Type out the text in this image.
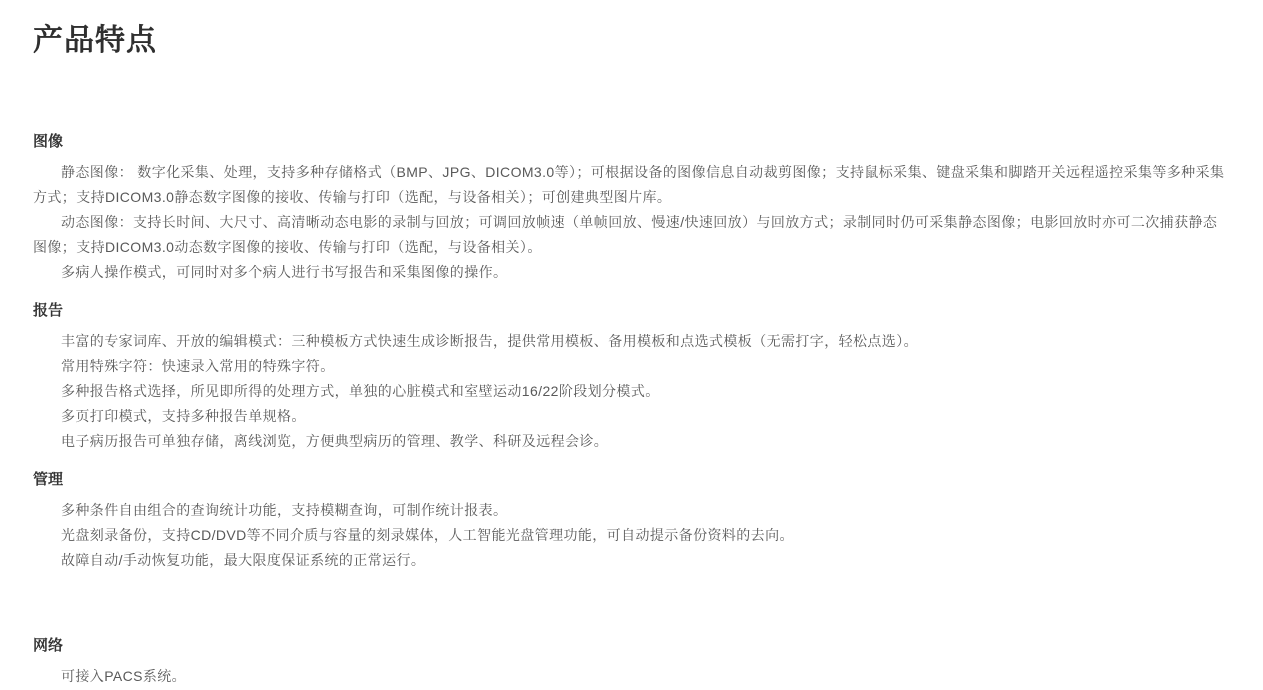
产品特点
图像

静态图像： 数字化采集、处理，支持多种存储格式（BMP、JPG、DICOM3.0等）；可根据设备的图像信息自动裁剪图像；支持鼠标采集、键盘采集和脚踏开关远程遥控采集等多种采集方式；支持DICOM3.0静态数字图像的接收、传输与打印（选配，与设备相关）；可创建典型图片库。

动态图像：支持长时间、大尺寸、高清晰动态电影的录制与回放；可调回放帧速（单帧回放、慢速/快速回放）与回放方式；录制同时仍可采集静态图像；电影回放时亦可二次捕获静态图像；支持DICOM3.0动态数字图像的接收、传输与打印（选配，与设备相关）。

多病人操作模式，可同时对多个病人进行书写报告和采集图像的操作。

报告

丰富的专家词库、开放的编辑模式：三种模板方式快速生成诊断报告，提供常用模板、备用模板和点选式模板（无需打字，轻松点选）。

常用特殊字符：快速录入常用的特殊字符。

多种报告格式选择，所见即所得的处理方式，单独的心脏模式和室壁运动16/22阶段划分模式。

多页打印模式，支持多种报告单规格。

电子病历报告可单独存储，离线浏览，方便典型病历的管理、教学、科研及远程会诊。

管理

多种条件自由组合的查询统计功能，支持模糊查询，可制作统计报表。

光盘刻录备份，支持CD/DVD等不同介质与容量的刻录媒体，人工智能光盘管理功能，可自动提示备份资料的去向。

故障自动/手动恢复功能，最大限度保证系统的正常运行。

网络

可接入PACS系统。
